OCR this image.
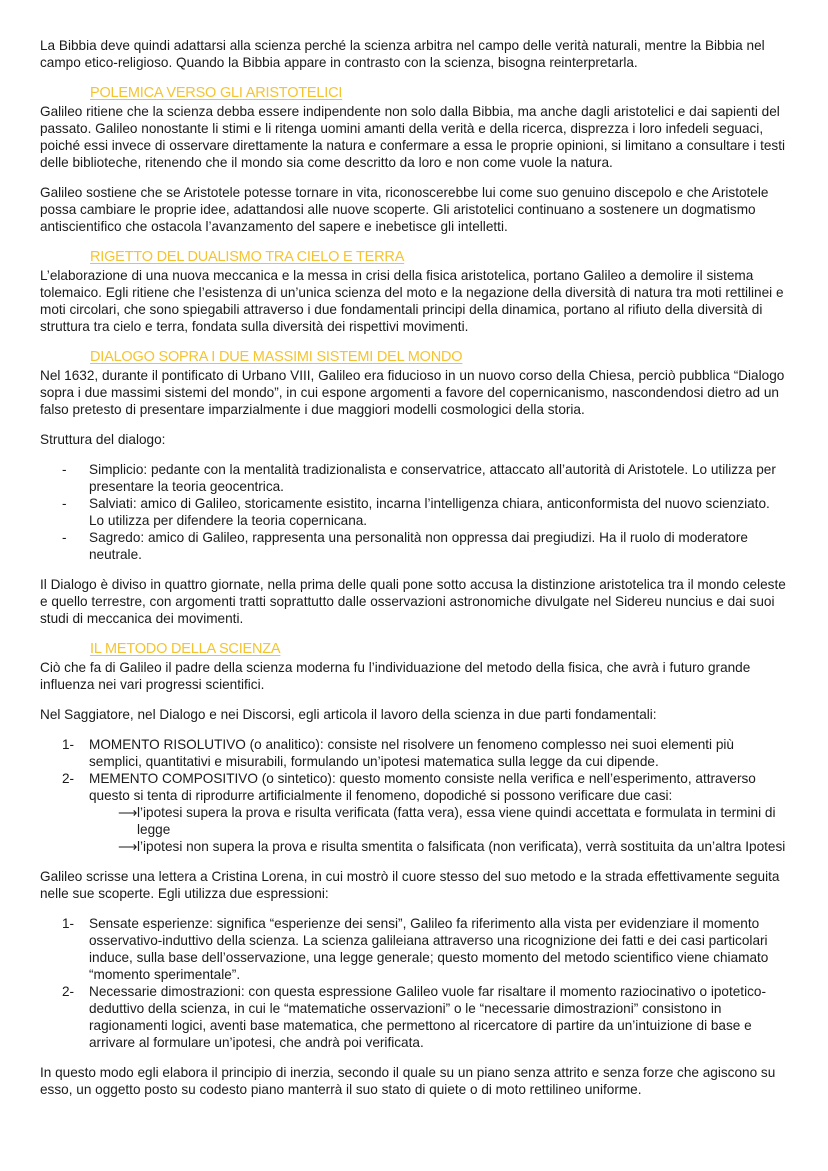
La Bibbia deve quindi adattarsi alla scienza perché la scienza arbitra nel campo delle verità naturali, mentre la Bibbia nel campo etico-religioso. Quando la Bibbia appare in contrasto con la scienza, bisogna reinterpretarla.

POLEMICA VERSO GLI ARISTOTELICI

Galileo ritiene che la scienza debba essere indipendente non solo dalla Bibbia, ma anche dagli aristotelici e dai sapienti del passato. Galileo nonostante li stimi e li ritenga uomini amanti della verità e della ricerca, disprezza i loro infedeli seguaci, poiché essi invece di osservare direttamente la natura e confermare a essa le proprie opinioni, si limitano a consultare i testi delle biblioteche, ritenendo che il mondo sia come descritto da loro e non come vuole la natura.

Galileo sostiene che se Aristotele potesse tornare in vita, riconoscerebbe lui come suo genuino discepolo e che Aristotele possa cambiare le proprie idee, adattandosi alle nuove scoperte. Gli aristotelici continuano a sostenere un dogmatismo antiscientifico che ostacola l’avanzamento del sapere e inebetisce gli intelletti.

RIGETTO DEL DUALISMO TRA CIELO E TERRA

L’elaborazione di una nuova meccanica e la messa in crisi della fisica aristotelica, portano Galileo a demolire il sistema tolemaico. Egli ritiene che l’esistenza di un’unica scienza del moto e la negazione della diversità di natura tra moti rettilinei e moti circolari, che sono spiegabili attraverso i due fondamentali principi della dinamica, portano al rifiuto della diversità di struttura tra cielo e terra, fondata sulla diversità dei rispettivi movimenti.

DIALOGO SOPRA I DUE MASSIMI SISTEMI DEL MONDO

Nel 1632, durante il pontificato di Urbano VIII, Galileo era fiducioso in un nuovo corso della Chiesa, perciò pubblica “Dialogo sopra i due massimi sistemi del mondo”, in cui espone argomenti a favore del copernicanismo, nascondendosi dietro ad un falso pretesto di presentare imparzialmente i due maggiori modelli cosmologici della storia.

Struttura del dialogo:

- Simplicio: pedante con la mentalità tradizionalista e conservatrice, attaccato all’autorità di Aristotele. Lo utilizza per presentare la teoria geocentrica.
- Salviati: amico di Galileo, storicamente esistito, incarna l’intelligenza chiara, anticonformista del nuovo scienziato. Lo utilizza per difendere la teoria copernicana.
- Sagredo: amico di Galileo, rappresenta una personalità non oppressa dai pregiudizi. Ha il ruolo di moderatore neutrale.

Il Dialogo è diviso in quattro giornate, nella prima delle quali pone sotto accusa la distinzione aristotelica tra il mondo celeste e quello terrestre, con argomenti tratti soprattutto dalle osservazioni astronomiche divulgate nel Sidereu nuncius e dai suoi studi di meccanica dei movimenti.

IL METODO DELLA SCIENZA

Ciò che fa di Galileo il padre della scienza moderna fu l’individuazione del metodo della fisica, che avrà i futuro grande influenza nei vari progressi scientifici.

Nel Saggiatore, nel Dialogo e nei Discorsi, egli articola il lavoro della scienza in due parti fondamentali:

1- MOMENTO RISOLUTIVO (o analitico): consiste nel risolvere un fenomeno complesso nei suoi elementi più semplici, quantitativi e misurabili, formulando un’ipotesi matematica sulla legge da cui dipende.
2- MEMENTO COMPOSITIVO (o sintetico): questo momento consiste nella verifica e nell’esperimento, attraverso questo si tenta di riprodurre artificialmente il fenomeno, dopodiché si possono verificare due casi:
⟶ l’ipotesi supera la prova e risulta verificata (fatta vera), essa viene quindi accettata e formulata in termini di legge
⟶ l’ipotesi non supera la prova e risulta smentita o falsificata (non verificata), verrà sostituita da un’altra Ipotesi

Galileo scrisse una lettera a Cristina Lorena, in cui mostrò il cuore stesso del suo metodo e la strada effettivamente seguita nelle sue scoperte. Egli utilizza due espressioni:

1- Sensate esperienze: significa “esperienze dei sensi”, Galileo fa riferimento alla vista per evidenziare il momento osservativo-induttivo della scienza. La scienza galileiana attraverso una ricognizione dei fatti e dei casi particolari induce, sulla base dell’osservazione, una legge generale; questo momento del metodo scientifico viene chiamato “momento sperimentale”.
2- Necessarie dimostrazioni: con questa espressione Galileo vuole far risaltare il momento raziocinativo o ipotetico-deduttivo della scienza, in cui le “matematiche osservazioni” o le “necessarie dimostrazioni” consistono in ragionamenti logici, aventi base matematica, che permettono al ricercatore di partire da un’intuizione di base e arrivare al formulare un’ipotesi, che andrà poi verificata.

In questo modo egli elabora il principio di inerzia, secondo il quale su un piano senza attrito e senza forze che agiscono su esso, un oggetto posto su codesto piano manterrà il suo stato di quiete o di moto rettilineo uniforme.
